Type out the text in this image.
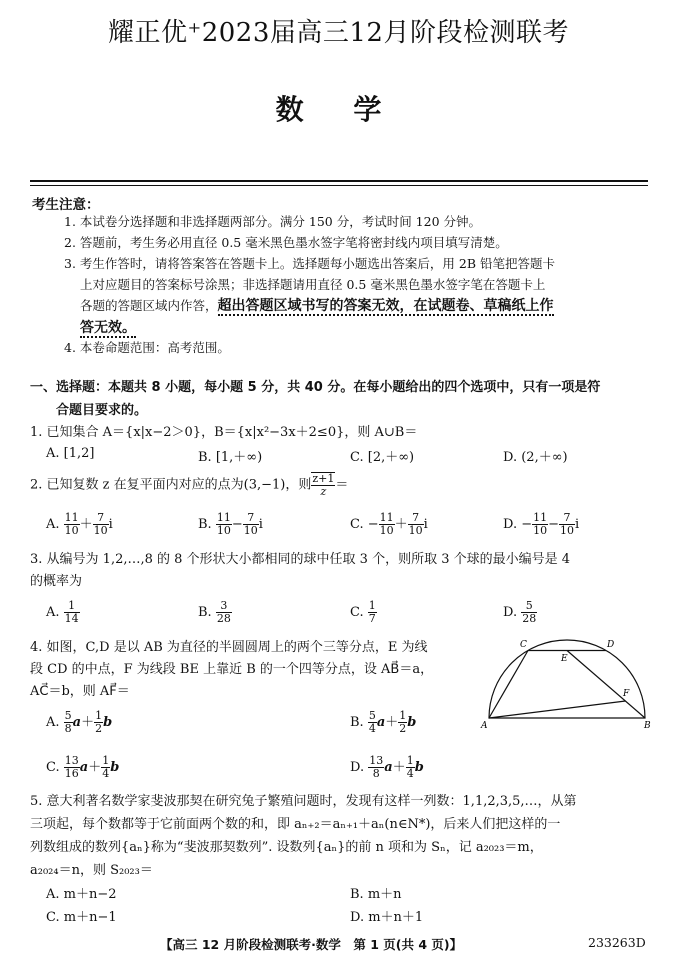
耀正优⁺2023届高三12月阶段检测联考
数 学
考生注意：
1. 本试卷分选择题和非选择题两部分。满分 150 分，考试时间 120 分钟。
2. 答题前，考生务必用直径 0.5 毫米黑色墨水签字笔将密封线内项目填写清楚。
3. 考生作答时，请将答案答在答题卡上。选择题每小题选出答案后，用 2B 铅笔把答题卡
上对应题目的答案标号涂黑；非选择题请用直径 0.5 毫米黑色墨水签字笔在答题卡上
各题的答题区域内作答，超出答题区域书写的答案无效，在试题卷、草稿纸上作
答无效。
4. 本卷命题范围：高考范围。
一、选择题：本题共 8 小题，每小题 5 分，共 40 分。在每小题给出的四个选项中，只有一项是符
合题目要求的。
1. 已知集合 A＝{x|x−2＞0}，B＝{x|x²−3x＋2≤0}，则 A∪B＝
A. [1,2]	B. [1,＋∞)	C. [2,＋∞)	D. (2,＋∞)
2. 已知复数 z 在复平面内对应的点为(3,−1)，则 $\frac{z+1}{z}$ ＝
A. $\frac{11}{10} + \frac{7}{10}$ i	B. $\frac{11}{10} - \frac{7}{10}$ i	C. − $\frac{11}{10} + \frac{7}{10}$ i	D. − $\frac{11}{10} - \frac{7}{10}$ i
3. 从编号为 1,2,…,8 的 8 个形状大小都相同的球中任取 3 个，则所取 3 个球的最小编号是 4
的概率为
A. $\frac{1}{14}$	B. $\frac{3}{28}$	C. $\frac{1}{7}$	D. $\frac{5}{28}$
4. 如图，C,D 是以 AB 为直径的半圆圆周上的两个三等分点，E 为线
段 CD 的中点，F 为线段 BE 上靠近 B 的一个四等分点，设 AB⃗＝a，
AC⃗＝b，则 AF⃗＝
A. $\frac{5}{8} a+ \frac{1}{2}$ b	B. $\frac{5}{4} a+ \frac{1}{2}$ b
C. $\frac{13}{16} a+ \frac{1}{4}$ b	D. $\frac{13}{8} a+ \frac{1}{4}$ b
A	B
C	D
E
F
5. 意大利著名数学家斐波那契在研究兔子繁殖问题时，发现有这样一列数：1,1,2,3,5,…，从第
三项起，每个数都等于它前面两个数的和，即 aₙ₊₂＝aₙ₊₁＋aₙ(n∈N*)，后来人们把这样的一
列数组成的数列{aₙ}称为“斐波那契数列”. 设数列{aₙ}的前 n 项和为 Sₙ，记 a₂₀₂₃＝m，
a₂₀₂₄＝n，则 S₂₀₂₃＝
A. m＋n−2	B. m＋n
C. m＋n−1	D. m＋n＋1
【高三 12 月阶段检测联考·数学　第 1 页(共 4 页)】	233263D
